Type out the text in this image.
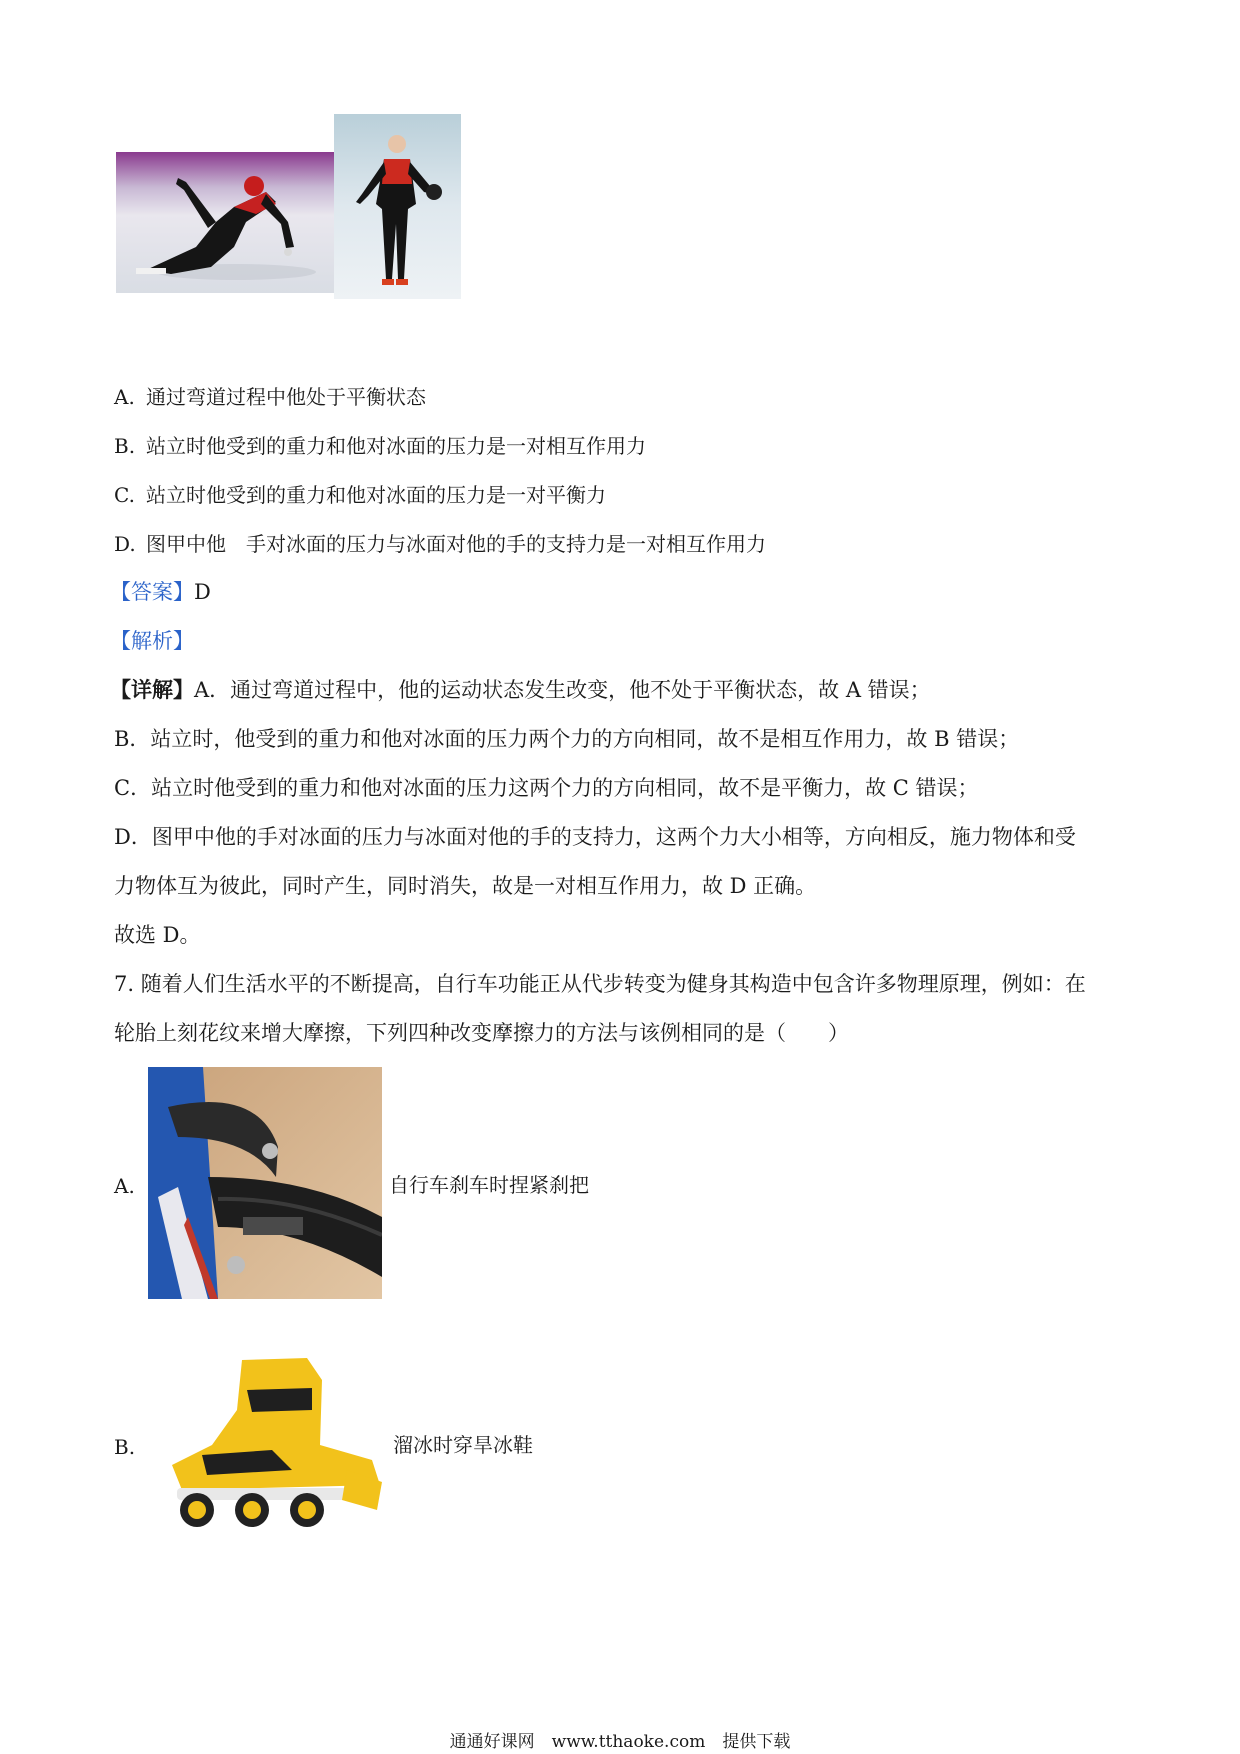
A. 通过弯道过程中他处于平衡状态
B. 站立时他受到的重力和他对冰面的压力是一对相互作用力
C. 站立时他受到的重力和他对冰面的压力是一对平衡力
D. 图甲中他　手对冰面的压力与冰面对他的手的支持力是一对相互作用力
【答案】D
【解析】
【详解】A．通过弯道过程中，他的运动状态发生改变，他不处于平衡状态，故 A 错误；
B．站立时，他受到的重力和他对冰面的压力两个力的方向相同，故不是相互作用力，故 B 错误；
C．站立时他受到的重力和他对冰面的压力这两个力的方向相同，故不是平衡力，故 C 错误；
D．图甲中他的手对冰面的压力与冰面对他的手的支持力，这两个力大小相等，方向相反，施力物体和受
力物体互为彼此，同时产生，同时消失，故是一对相互作用力，故 D 正确。
故选 D。
7. 随着人们生活水平的不断提高，自行车功能正从代步转变为健身其构造中包含许多物理原理，例如：在
轮胎上刻花纹来增大摩擦，下列四种改变摩擦力的方法与该例相同的是（　　）
A.	自行车刹车时捏紧刹把
B.	溜冰时穿旱冰鞋
通通好课网　www.tthaoke.com　提供下载
